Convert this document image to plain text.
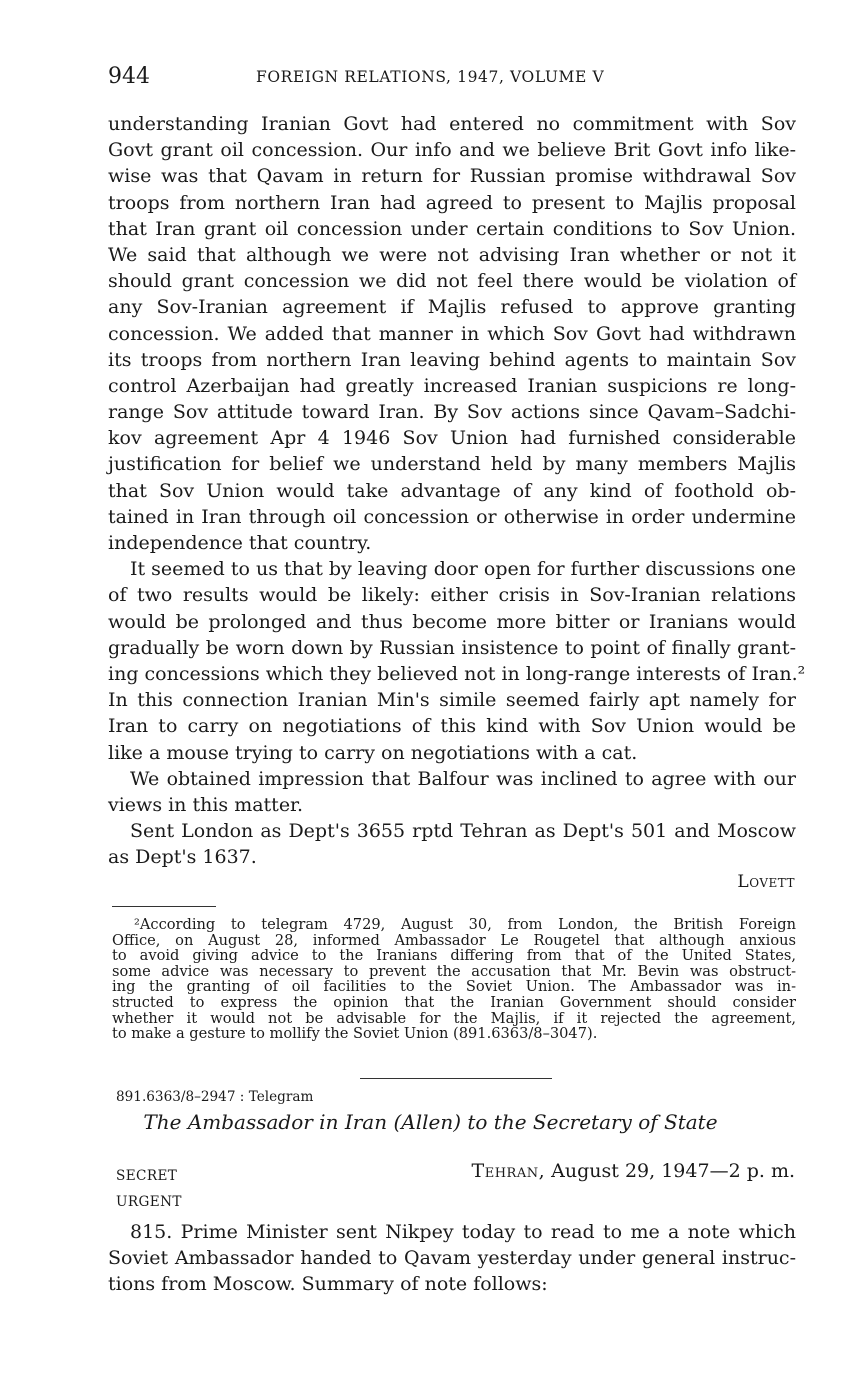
944	FOREIGN RELATIONS, 1947, VOLUME V
understanding Iranian Govt had entered no commitment with Sov
Govt grant oil concession. Our info and we believe Brit Govt info like-
wise was that Qavam in return for Russian promise withdrawal Sov
troops from northern Iran had agreed to present to Majlis proposal
that Iran grant oil concession under certain conditions to Sov Union.
We said that although we were not advising Iran whether or not it
should grant concession we did not feel there would be violation of
any Sov-Iranian agreement if Majlis refused to approve granting
concession. We added that manner in which Sov Govt had withdrawn
its troops from northern Iran leaving behind agents to maintain Sov
control Azerbaijan had greatly increased Iranian suspicions re long-
range Sov attitude toward Iran. By Sov actions since Qavam–Sadchi-
kov agreement Apr 4 1946 Sov Union had furnished considerable
justification for belief we understand held by many members Majlis
that Sov Union would take advantage of any kind of foothold ob-
tained in Iran through oil concession or otherwise in order undermine
independence that country.
It seemed to us that by leaving door open for further discussions one
of two results would be likely: either crisis in Sov-Iranian relations
would be prolonged and thus become more bitter or Iranians would
gradually be worn down by Russian insistence to point of finally grant-
ing concessions which they believed not in long-range interests of Iran.²
In this connection Iranian Min's simile seemed fairly apt namely for
Iran to carry on negotiations of this kind with Sov Union would be
like a mouse trying to carry on negotiations with a cat.
We obtained impression that Balfour was inclined to agree with our
views in this matter.
Sent London as Dept's 3655 rptd Tehran as Dept's 501 and Moscow
as Dept's 1637.
Lovett
²According to telegram 4729, August 30, from London, the British Foreign
Office, on August 28, informed Ambassador Le Rougetel that although anxious
to avoid giving advice to the Iranians differing from that of the United States,
some advice was necessary to prevent the accusation that Mr. Bevin was obstruct-
ing the granting of oil facilities to the Soviet Union. The Ambassador was in-
structed to express the opinion that the Iranian Government should consider
whether it would not be advisable for the Majlis, if it rejected the agreement,
to make a gesture to mollify the Soviet Union (891.6363/8–3047).
891.6363/8–2947 : Telegram
The Ambassador in Iran (Allen) to the Secretary of State
SECRET
URGENT
Tehran, August 29, 1947—2 p. m.
815. Prime Minister sent Nikpey today to read to me a note which
Soviet Ambassador handed to Qavam yesterday under general instruc-
tions from Moscow. Summary of note follows:
